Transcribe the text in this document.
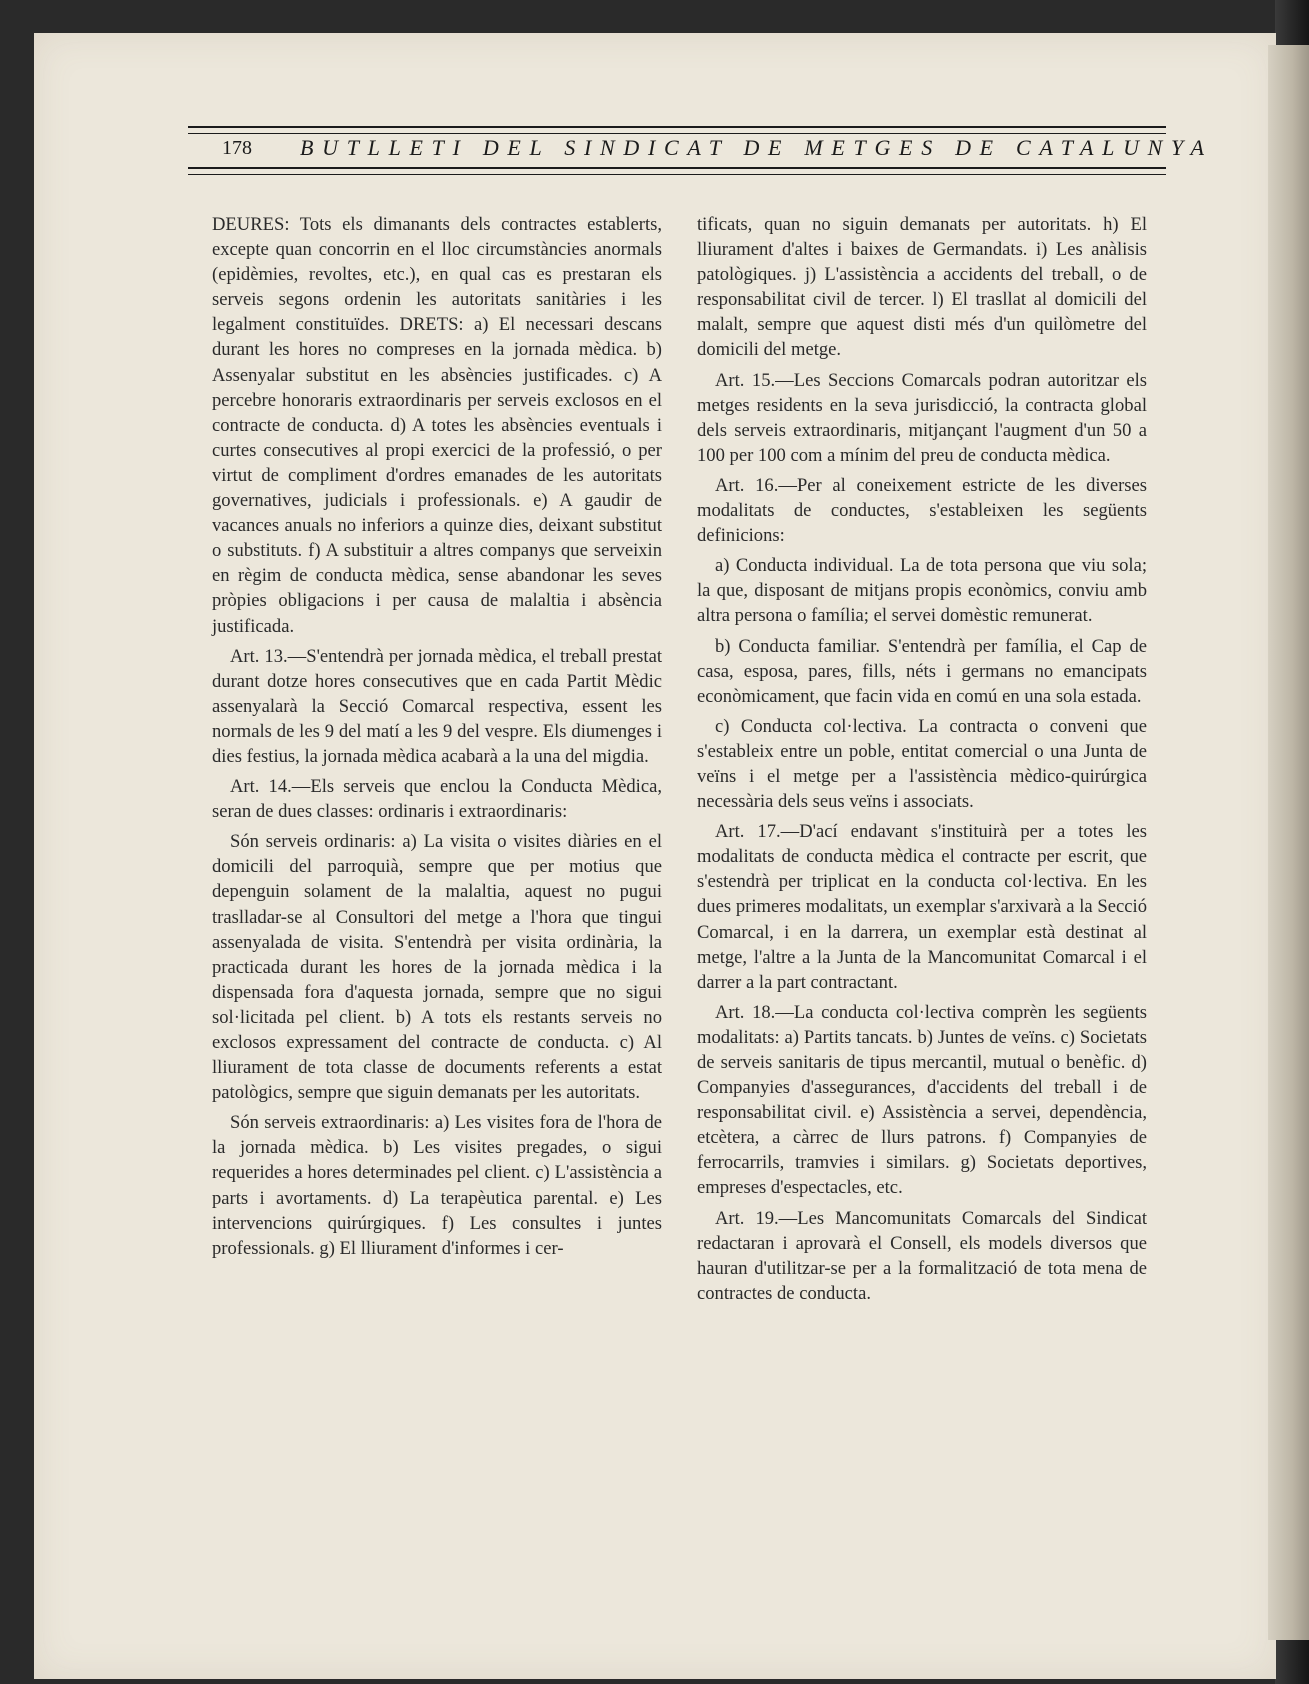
178 BUTLLETI DEL SINDICAT DE METGES DE CATALUNYA

DEURES: Tots els dimanants dels contractes establerts, excepte quan concorrin en el lloc circumstàncies anormals (epidèmies, revoltes, etc.), en qual cas es prestaran els serveis segons ordenin les autoritats sanitàries i les legalment constituïdes. DRETS: a) El necessari descans durant les hores no compreses en la jornada mèdica. b) Assenyalar substitut en les absències justificades. c) A percebre honoraris extraordinaris per serveis exclosos en el contracte de conducta. d) A totes les absències eventuals i curtes consecutives al propi exercici de la professió, o per virtut de compliment d'ordres emanades de les autoritats governatives, judicials i professionals. e) A gaudir de vacances anuals no inferiors a quinze dies, deixant substitut o substituts. f) A substituir a altres companys que serveixin en règim de conducta mèdica, sense abandonar les seves pròpies obligacions i per causa de malaltia i absència justificada.

Art. 13.—S'entendrà per jornada mèdica, el treball prestat durant dotze hores consecutives que en cada Partit Mèdic assenyalarà la Secció Comarcal respectiva, essent les normals de les 9 del matí a les 9 del vespre. Els diumenges i dies festius, la jornada mèdica acabarà a la una del migdia.

Art. 14.—Els serveis que enclou la Conducta Mèdica, seran de dues classes: ordinaris i extraordinaris:

Són serveis ordinaris: a) La visita o visites diàries en el domicili del parroquià, sempre que per motius que depenguin solament de la malaltia, aquest no pugui traslladar-se al Consultori del metge a l'hora que tingui assenyalada de visita. S'entendrà per visita ordinària, la practicada durant les hores de la jornada mèdica i la dispensada fora d'aquesta jornada, sempre que no sigui sol·licitada pel client. b) A tots els restants serveis no exclosos expressament del contracte de conducta. c) Al lliurament de tota classe de documents referents a estat patològics, sempre que siguin demanats per les autoritats.

Són serveis extraordinaris: a) Les visites fora de l'hora de la jornada mèdica. b) Les visites pregades, o sigui requerides a hores determinades pel client. c) L'assistència a parts i avortaments. d) La terapèutica parental. e) Les intervencions quirúrgiques. f) Les consultes i juntes professionals. g) El lliurament d'informes i cer-

tificats, quan no siguin demanats per autoritats. h) El lliurament d'altes i baixes de Germandats. i) Les anàlisis patològiques. j) L'assistència a accidents del treball, o de responsabilitat civil de tercer. l) El trasllat al domicili del malalt, sempre que aquest disti més d'un quilòmetre del domicili del metge.

Art. 15.—Les Seccions Comarcals podran autoritzar els metges residents en la seva jurisdicció, la contracta global dels serveis extraordinaris, mitjançant l'augment d'un 50 a 100 per 100 com a mínim del preu de conducta mèdica.

Art. 16.—Per al coneixement estricte de les diverses modalitats de conductes, s'estableixen les següents definicions:

a) Conducta individual. La de tota persona que viu sola; la que, disposant de mitjans propis econòmics, conviu amb altra persona o família; el servei domèstic remunerat.

b) Conducta familiar. S'entendrà per família, el Cap de casa, esposa, pares, fills, néts i germans no emancipats econòmicament, que facin vida en comú en una sola estada.

c) Conducta col·lectiva. La contracta o conveni que s'estableix entre un poble, entitat comercial o una Junta de veïns i el metge per a l'assistència mèdico-quirúrgica necessària dels seus veïns i associats.

Art. 17.—D'ací endavant s'instituirà per a totes les modalitats de conducta mèdica el contracte per escrit, que s'estendrà per triplicat en la conducta col·lectiva. En les dues primeres modalitats, un exemplar s'arxivarà a la Secció Comarcal, i en la darrera, un exemplar està destinat al metge, l'altre a la Junta de la Mancomunitat Comarcal i el darrer a la part contractant.

Art. 18.—La conducta col·lectiva comprèn les següents modalitats: a) Partits tancats. b) Juntes de veïns. c) Societats de serveis sanitaris de tipus mercantil, mutual o benèfic. d) Companyies d'assegurances, d'accidents del treball i de responsabilitat civil. e) Assistència a servei, dependència, etcètera, a càrrec de llurs patrons. f) Companyies de ferrocarrils, tramvies i similars. g) Societats deportives, empreses d'espectacles, etc.

Art. 19.—Les Mancomunitats Comarcals del Sindicat redactaran i aprovarà el Consell, els models diversos que hauran d'utilitzar-se per a la formalització de tota mena de contractes de conducta.
